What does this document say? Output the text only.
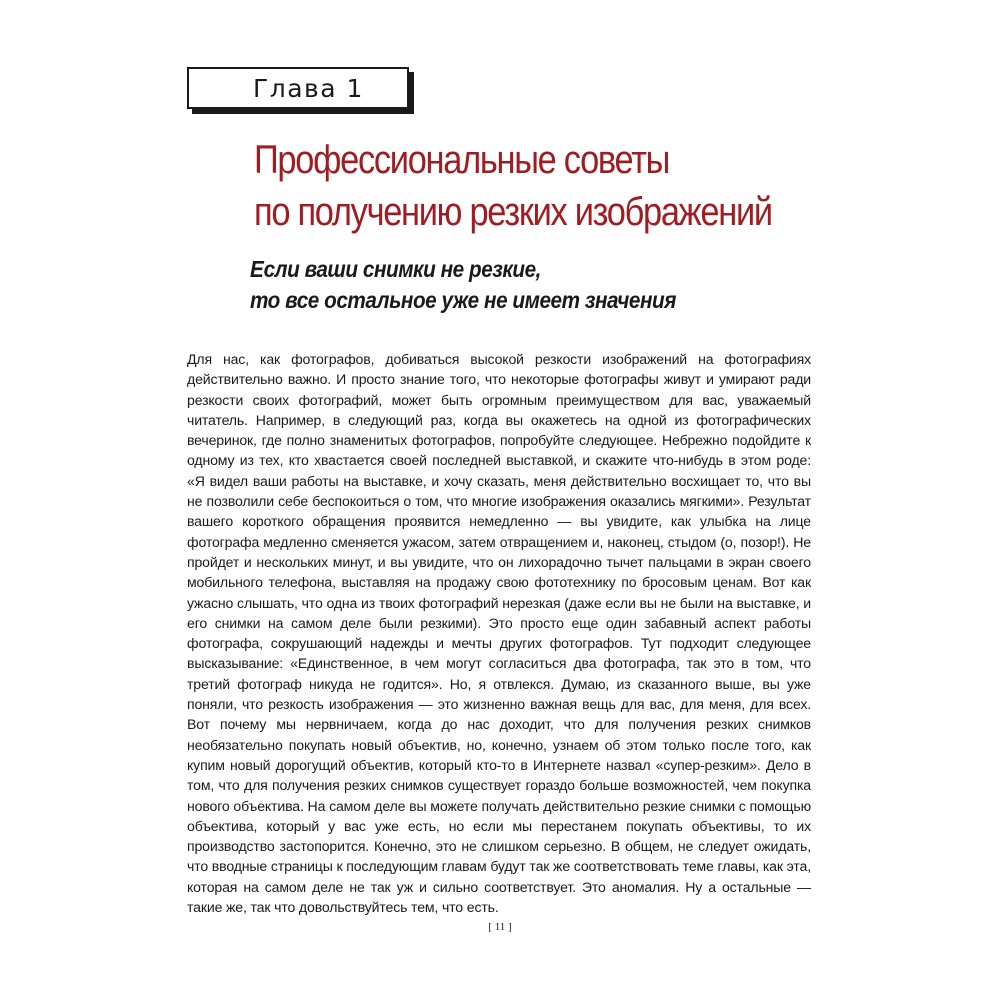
Глава 1
Профессиональные советы
по получению резких изображений
Если ваши снимки не резкие,
то все остальное уже не имеет значения

Для нас, как фотографов, добиваться высокой резкости изображений на фотографиях действительно важно. И просто знание того, что некоторые фотографы живут и умирают ради резкости своих фотографий, может быть огромным преимуществом для вас, уважаемый читатель. Например, в следующий раз, когда вы окажетесь на одной из фотографических вечеринок, где полно знаменитых фотографов, попробуйте следующее. Небрежно подойдите к одному из тех, кто хвастается своей последней выставкой, и скажите что-нибудь в этом роде: «Я видел ваши работы на выставке, и хочу сказать, меня действительно восхищает то, что вы не позволили себе беспокоиться о том, что многие изображения оказались мягкими». Результат вашего короткого обращения проявится немедленно — вы увидите, как улыбка на лице фотографа медленно сменяется ужасом, затем отвращением и, наконец, стыдом (о, позор!). Не пройдет и нескольких минут, и вы увидите, что он лихорадочно тычет пальцами в экран своего мобильного телефона, выставляя на продажу свою фототехнику по бросовым ценам. Вот как ужасно слышать, что одна из твоих фотографий нерезкая (даже если вы не были на выставке, и его снимки на самом деле были резкими). Это просто еще один забавный аспект работы фотографа, сокрушающий надежды и мечты других фотографов. Тут подходит следующее высказывание: «Единственное, в чем могут согласиться два фотографа, так это в том, что третий фотограф никуда не годится». Но, я отвлекся. Думаю, из сказанного выше, вы уже поняли, что резкость изображения — это жизненно важная вещь для вас, для меня, для всех. Вот почему мы нервничаем, когда до нас доходит, что для получения резких снимков необязательно покупать новый объектив, но, конечно, узнаем об этом только после того, как купим новый дорогущий объектив, который кто-то в Интернете назвал «супер-резким». Дело в том, что для получения резких снимков существует гораздо больше возможностей, чем покупка нового объектива. На самом деле вы можете получать действительно резкие снимки с помощью объектива, который у вас уже есть, но если мы перестанем покупать объективы, то их производство застопорится. Конечно, это не слишком серьезно. В общем, не следует ожидать, что вводные страницы к последующим главам будут так же соответствовать теме главы, как эта, которая на самом деле не так уж и сильно соответствует. Это аномалия. Ну а остальные — такие же, так что довольствуйтесь тем, что есть.

[ 11 ]
